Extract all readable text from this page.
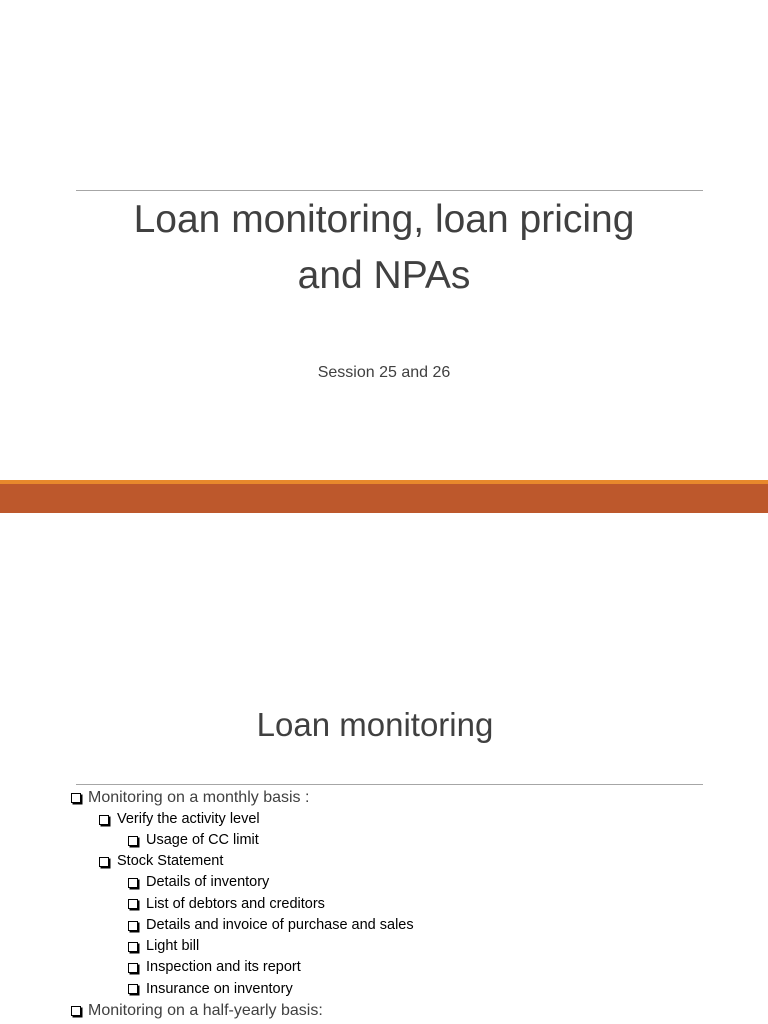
Loan monitoring, loan pricing
and NPAs
Session 25 and 26
Loan monitoring
Monitoring on a monthly basis :
Verify the activity level
Usage of CC limit
Stock Statement
Details of inventory
List of debtors and creditors
Details and invoice of purchase and sales
Light bill
Inspection and its report
Insurance on inventory
Monitoring on a half-yearly basis:
